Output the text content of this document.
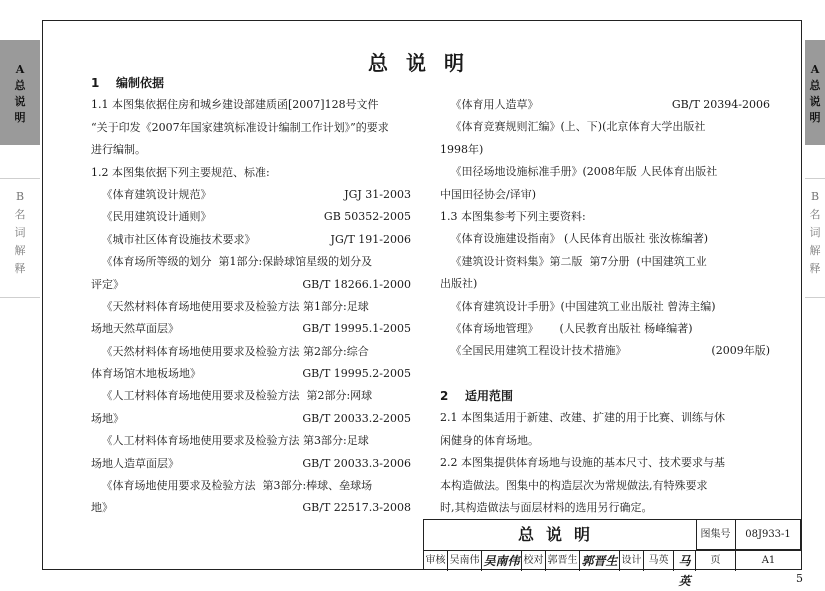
A
总
说
明
B
名
词
解
释
A
总
说
明
B
名
词
解
释
总说明
1    编制依据
1.1 本图集依据住房和城乡建设部建质函[2007]128号文件
“关于印发《2007年国家建筑标准设计编制工作计划》”的要求
进行编制。
1.2 本图集依据下列主要规范、标准:
《体育建筑设计规范》	JGJ 31-2003
《民用建筑设计通则》	GB 50352-2005
《城市社区体育设施技术要求》	JG/T 191-2006
《体育场所等级的划分  第1部分:保龄球馆星级的划分及
评定》	GB/T 18266.1-2000
《天然材料体育场地使用要求及检验方法 第1部分:足球
场地天然草面层》	GB/T 19995.1-2005
《天然材料体育场地使用要求及检验方法 第2部分:综合
体育场馆木地板场地》	GB/T 19995.2-2005
《人工材料体育场地使用要求及检验方法  第2部分:网球
场地》	GB/T 20033.2-2005
《人工材料体育场地使用要求及检验方法 第3部分:足球
场地人造草面层》	GB/T 20033.3-2006
《体育场地使用要求及检验方法  第3部分:棒球、垒球场
地》	GB/T 22517.3-2008
《体育用人造草》	GB/T 20394-2006
《体育竞赛规则汇编》(上、下)(北京体育大学出版社
1998年)
《田径场地设施标准手册》(2008年版 人民体育出版社
中国田径协会/译审)
1.3 本图集参考下列主要资料:
《体育设施建设指南》 (人民体育出版社 张汝栋编著)
《建筑设计资料集》第二版  第7分册  (中国建筑工业
出版社)
《体育建筑设计手册》(中国建筑工业出版社 曾涛主编)
《体育场地管理》      (人民教育出版社 杨峰编著)
《全国民用建筑工程设计技术措施》	(2009年版)
2    适用范围
2.1 本图集适用于新建、改建、扩建的用于比赛、训练与休
闲健身的体育场地。
2.2 本图集提供体育场地与设施的基本尺寸、技术要求与基
本构造做法。图集中的构造层次为常规做法,有特殊要求
时,其构造做法与面层材料的选用另行确定。
总说明	图集号	08J933-1
审核 吴南伟 吴南伟 校对 郭晋生 郭晋生 设计 马英 马英
页	A1
5
